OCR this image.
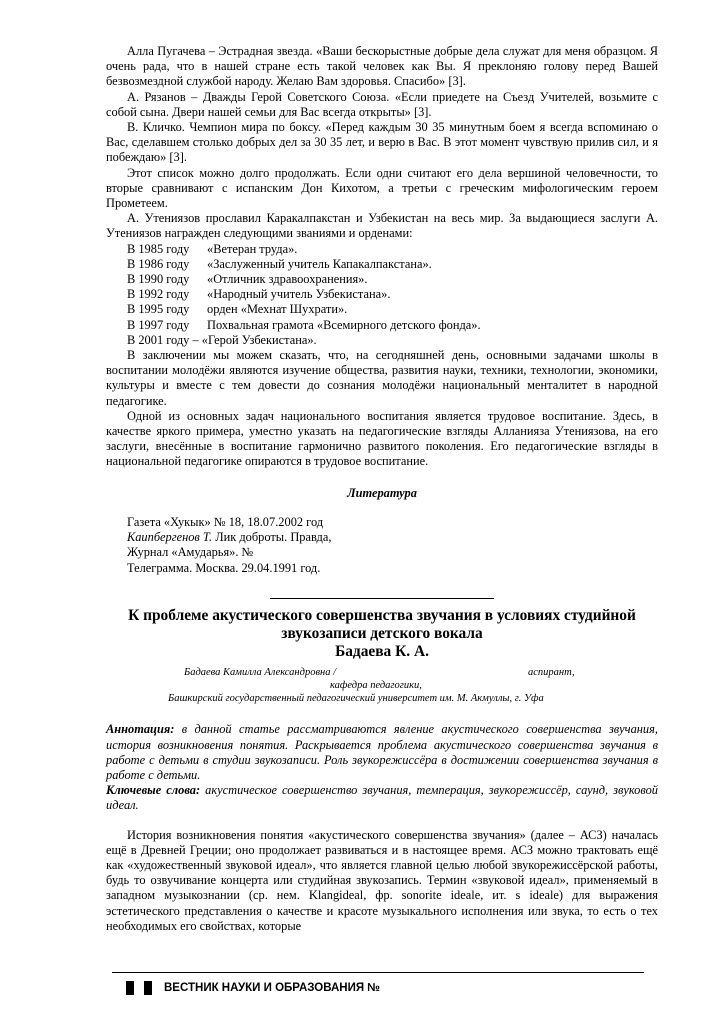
Алла Пугачева – Эстрадная звезда. «Ваши бескорыстные добрые дела служат для меня образцом. Я очень рада, что в нашей стране есть такой человек как Вы. Я преклоняю голову перед Вашей безвозмездной службой народу. Желаю Вам здоровья. Спасибо» [3].

А. Рязанов – Дважды Герой Советского Союза. «Если приедете на Съезд Учителей, возьмите с собой сына. Двери нашей семьи для Вас всегда открыты» [3].

В. Кличко. Чемпион мира по боксу. «Перед каждым 30 35 минутным боем я всегда вспоминаю о Вас, сделавшем столько добрых дел за 30 35 лет, и верю в Вас. В этот момент чувствую прилив сил, и я побеждаю» [3].

Этот список можно долго продолжать. Если одни считают его дела вершиной человечности, то вторые сравнивают с испанским Дон Кихотом, а третьи с греческим мифологическим героем Прометеем.

А. Утениязов прославил Каракалпакстан и Узбекистан на весь мир. За выдающиеся заслуги А. Утениязов награжден следующими званиями и орденами:

В 1985 году	«Ветеран труда».
В 1986 году	«Заслуженный учитель Капакалпакстана».
В 1990 году	«Отличник здравоохранения».
В 1992 году	«Народный учитель Узбекистана».
В 1995 году	орден «Мехнат Шухрати».
В 1997 году	Похвальная грамота «Всемирного детского фонда».
В 2001 году – «Герой Узбекистана».

В заключении мы можем сказать, что, на сегодняшней день, основными задачами школы в воспитании молодёжи являются изучение общества, развития науки, техники, технологии, экономики, культуры и вместе с тем довести до сознания молодёжи национальный менталитет в народной педагогике.

Одной из основных задач национального воспитания является трудовое воспитание. Здесь, в качестве яркого примера, уместно указать на педагогические взгляды Алланияза Утениязова, на его заслуги, внесённые в воспитание гармонично развитого поколения. Его педагогические взгляды в национальной педагогике опираются в трудовое воспитание.

Литература
Газета «Хукык» № 18, 18.07.2002 год
Каипбергенов Т. Лик доброты. Правда,
Журнал «Амударья». №
Телеграмма. Москва. 29.04.1991 год.
К проблеме акустического совершенства звучания в условиях студийной
звукозаписи детского вокала
Бадаева К. А.
Бадаева Камилла Александровна /	аспирант,
кафедра педагогики,
Башкирский государственный педагогический университет им. М. Акмуллы, г. Уфа

Аннотация: в данной статье рассматриваются явление акустического совершенства звучания, история возникновения понятия. Раскрывается проблема акустического совершенства звучания в работе с детьми в студии звукозаписи. Роль звукорежиссёра в достижении совершенства звучания в работе с детьми.

Ключевые слова: акустическое совершенство звучания, темперация, звукорежиссёр, саунд, звуковой идеал.

История возникновения понятия «акустического совершенства звучания» (далее – АСЗ) началась ещё в Древней Греции; оно продолжает развиваться и в настоящее время. АСЗ можно трактовать ещё как «художественный звуковой идеал», что является главной целью любой звукорежиссёрской работы, будь то озвучивание концерта или студийная звукозапись. Термин «звуковой идеал», применяемый в западном музыкознании (ср. нем. Klangideal, фр. sonorite ideale, ит. s ideale) для выражения эстетического представления о качестве и красоте музыкального исполнения или звука, то есть о тех необходимых его свойствах, которые

ВЕСТНИК НАУКИ И ОБРАЗОВАНИЯ №
